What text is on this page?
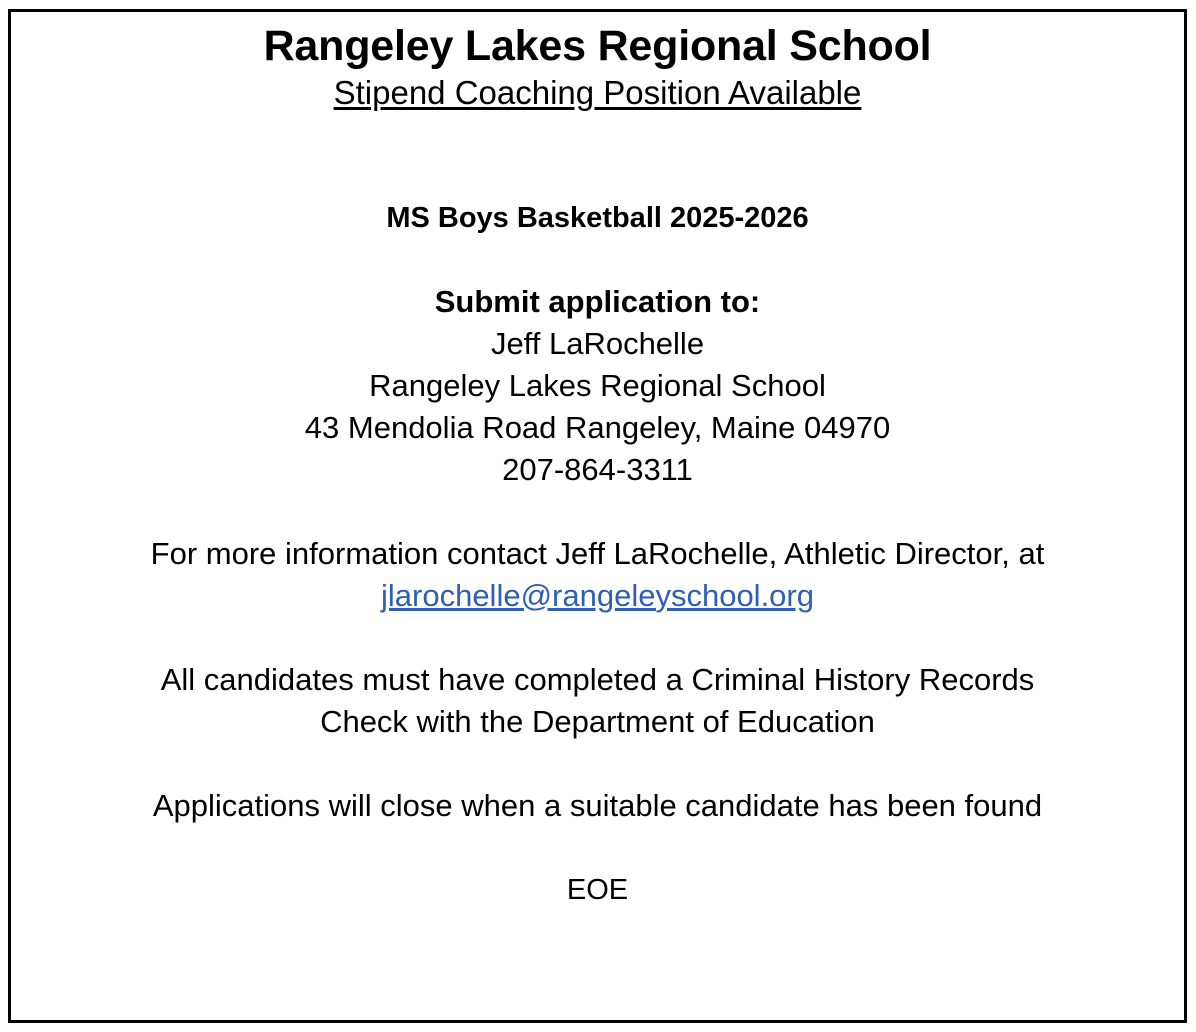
Rangeley Lakes Regional School
Stipend Coaching Position Available
MS Boys Basketball 2025-2026
Submit application to:
Jeff LaRochelle
Rangeley Lakes Regional School
43 Mendolia Road Rangeley, Maine 04970
207-864-3311
For more information contact Jeff LaRochelle, Athletic Director, at
jlarochelle@rangeleyschool.org
All candidates must have completed a Criminal History Records
Check with the Department of Education
Applications will close when a suitable candidate has been found
EOE
